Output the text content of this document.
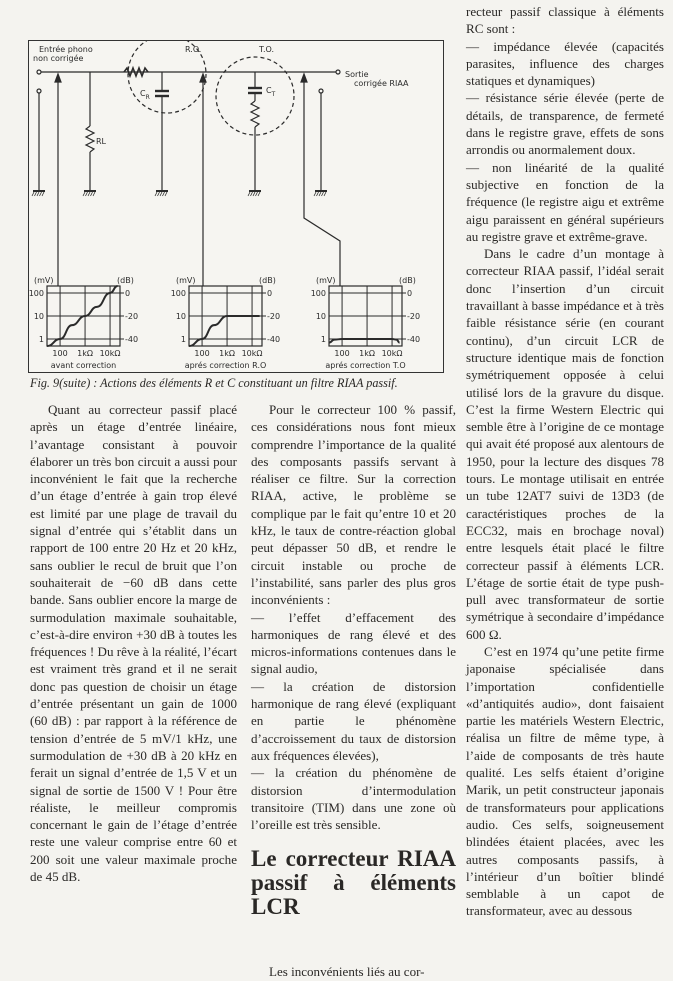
Entrée phono
non corrigée
R.O.	T.O.
Sortie
corrigée RIAA
$C_R$
$C_T$
RL
(mV)	(dB)
100	0
10	-20
1	-40
100 1kΩ 10kΩ
avant correction
(mV)	(dB)
100	0
10	-20
1	-40
100 1kΩ 10kΩ
aprés correction R.O
(mV)	(dB)
100	0
10	-20
1	-40
100 1kΩ 10kΩ
aprés correction T.O
Fig. 9(suite) : Actions des éléments R et C constituant un filtre RIAA passif.

Quant au correcteur passif placé après un étage d’entrée linéaire, l’avantage consistant à pouvoir élaborer un très bon circuit a aussi pour inconvénient le fait que la recherche d’un étage d’entrée à gain trop élevé est limité par une plage de travail du signal d’entrée qui s’établit dans un rapport de 100 entre 20 Hz et 20 kHz, sans oublier le recul de bruit que l’on souhaiterait de −60 dB dans cette bande. Sans oublier encore la marge de surmodulation maximale souhaitable, c’est-à-dire environ +30 dB à toutes les fréquences ! Du rêve à la réalité, l’écart est vraiment très grand et il ne serait donc pas question de choisir un étage d’entrée présentant un gain de 1000 (60 dB) : par rapport à la référence de tension d’entrée de 5 mV/1 kHz, une surmodulation de +30 dB à 20 kHz en ferait un signal d’entrée de 1,5 V et un signal de sortie de 1500 V ! Pour être réaliste, le meilleur compromis concernant le gain de l’étage d’entrée reste une valeur comprise entre 60 et 200 soit une valeur maximale proche de 45 dB.

Pour le correcteur 100 % passif, ces considérations nous font mieux comprendre l’importance de la qualité des composants passifs servant à réaliser ce filtre. Sur la correction RIAA, active, le problème se complique par le fait qu’entre 10 et 20 kHz, le taux de contre-réaction global peut dépasser 50 dB, et rendre le circuit instable ou proche de l’instabilité, sans parler des plus gros inconvénients :

— l’effet d’effacement des harmoniques de rang élevé et des micros-informations contenues dans le signal audio,

— la création de distorsion harmonique de rang élevé (expliquant en partie le phénomène d’accroissement du taux de distorsion aux fréquences élevées),

— la création du phénomène de distorsion d’intermodulation transitoire (TIM) dans une zone où l’oreille est très sensible.

Le correcteur RIAA passif à éléments LCR

Les inconvénients liés au cor-

recteur passif classique à éléments RC sont :

— impédance élevée (capacités parasites, influence des charges statiques et dynamiques)

— résistance série élevée (perte de détails, de transparence, de fermeté dans le registre grave, effets de sons arrondis ou anormalement doux.

— non linéarité de la qualité subjective en fonction de la fréquence (le registre aigu et extrême aigu paraissent en général supérieurs au registre grave et extrême-grave.

Dans le cadre d’un montage à correcteur RIAA passif, l’idéal serait donc l’insertion d’un circuit travaillant à basse impédance et à très faible résistance série (en courant continu), d’un circuit LCR de structure identique mais de fonction symétriquement opposée à celui utilisé lors de la gravure du disque. C’est la firme Western Electric qui semble être à l’origine de ce montage qui avait été proposé aux alentours de 1950, pour la lecture des disques 78 tours. Le montage utilisait en entrée un tube 12AT7 suivi de 13D3 (de caractéristiques proches de la ECC32, mais en brochage noval) entre lesquels était placé le filtre correcteur passif à éléments LCR. L’étage de sortie était de type push-pull avec transformateur de sortie symétrique à secondaire d’impédance 600 Ω.

C’est en 1974 qu’une petite firme japonaise spécialisée dans l’importation confidentielle «d’antiquités audio», dont faisaient partie les matériels Western Electric, réalisa un filtre de même type, à l’aide de composants de très haute qualité. Les selfs étaient d’origine Marik, un petit constructeur japonais de transformateurs pour applications audio. Ces selfs, soigneusement blindées étaient placées, avec les autres composants passifs, à l’intérieur d’un boîtier blindé semblable à un capot de transformateur, avec au dessous
